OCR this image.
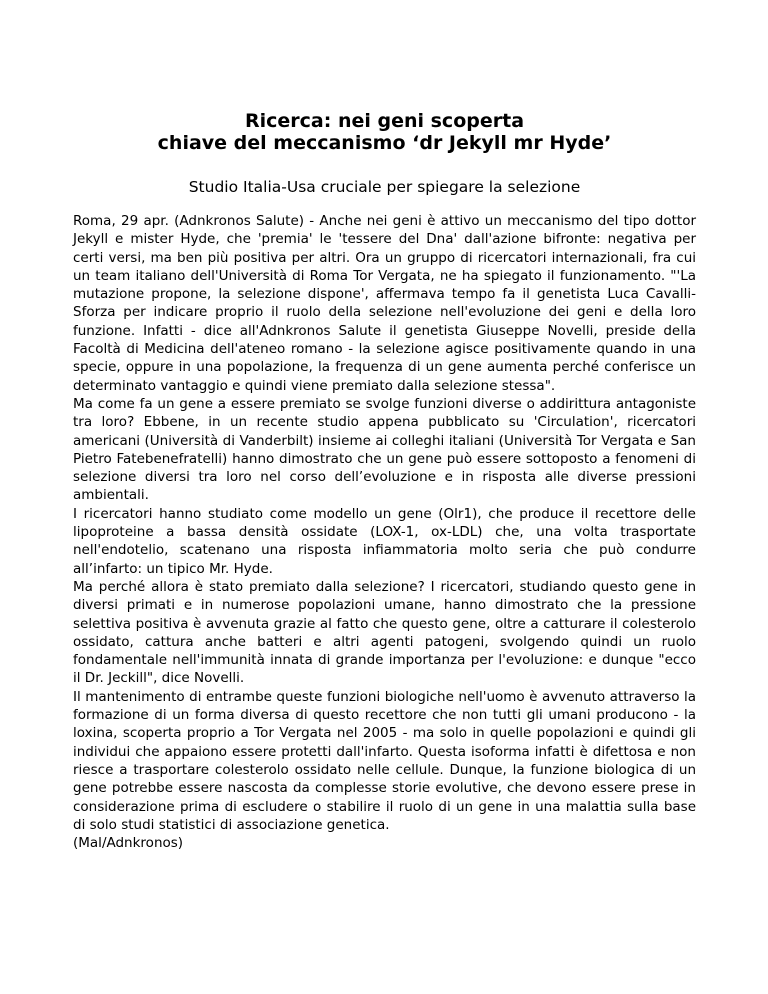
Ricerca: nei geni scoperta
chiave del meccanismo ‘dr Jekyll mr Hyde’
Studio Italia-Usa cruciale per spiegare la selezione

Roma, 29 apr. (Adnkronos Salute) - Anche nei geni è attivo un meccanismo del tipo dottor Jekyll e mister Hyde, che 'premia' le 'tessere del Dna' dall'azione bifronte: negativa per certi versi, ma ben più positiva per altri. Ora un gruppo di ricercatori internazionali, fra cui un team italiano dell'Università di Roma Tor Vergata, ne ha spiegato il funzionamento. "'La mutazione propone, la selezione dispone', affermava tempo fa il genetista Luca Cavalli-Sforza per indicare proprio il ruolo della selezione nell'evoluzione dei geni e della loro funzione. Infatti - dice all'Adnkronos Salute il genetista Giuseppe Novelli, preside della Facoltà di Medicina dell'ateneo romano - la selezione agisce positivamente quando in una specie, oppure in una popolazione, la frequenza di un gene aumenta perché conferisce un determinato vantaggio e quindi viene premiato dalla selezione stessa".

Ma come fa un gene a essere premiato se svolge funzioni diverse o addirittura antagoniste tra loro? Ebbene, in un recente studio appena pubblicato su 'Circulation', ricercatori americani (Università di Vanderbilt) insieme ai colleghi italiani (Università Tor Vergata e San Pietro Fatebenefratelli) hanno dimostrato che un gene può essere sottoposto a fenomeni di selezione diversi tra loro nel corso dell’evoluzione e in risposta alle diverse pressioni ambientali.

I ricercatori hanno studiato come modello un gene (Olr1), che produce il recettore delle lipoproteine a bassa densità ossidate (LOX-1, ox-LDL) che, una volta trasportate nell'endotelio, scatenano una risposta infiammatoria molto seria che può condurre all’infarto: un tipico Mr. Hyde.

Ma perché allora è stato premiato dalla selezione? I ricercatori, studiando questo gene in diversi primati e in numerose popolazioni umane, hanno dimostrato che la pressione selettiva positiva è avvenuta grazie al fatto che questo gene, oltre a catturare il colesterolo ossidato, cattura anche batteri e altri agenti patogeni, svolgendo quindi un ruolo fondamentale nell'immunità innata di grande importanza per l'evoluzione: e dunque "ecco il Dr. Jeckill", dice Novelli.

Il mantenimento di entrambe queste funzioni biologiche nell'uomo è avvenuto attraverso la formazione di un forma diversa di questo recettore che non tutti gli umani producono - la loxina, scoperta proprio a Tor Vergata nel 2005 - ma solo in quelle popolazioni e quindi gli individui che appaiono essere protetti dall'infarto. Questa isoforma infatti è difettosa e non riesce a trasportare colesterolo ossidato nelle cellule. Dunque, la funzione biologica di un gene potrebbe essere nascosta da complesse storie evolutive, che devono essere prese in considerazione prima di escludere o stabilire il ruolo di un gene in una malattia sulla base di solo studi statistici di associazione genetica.

(Mal/Adnkronos)
